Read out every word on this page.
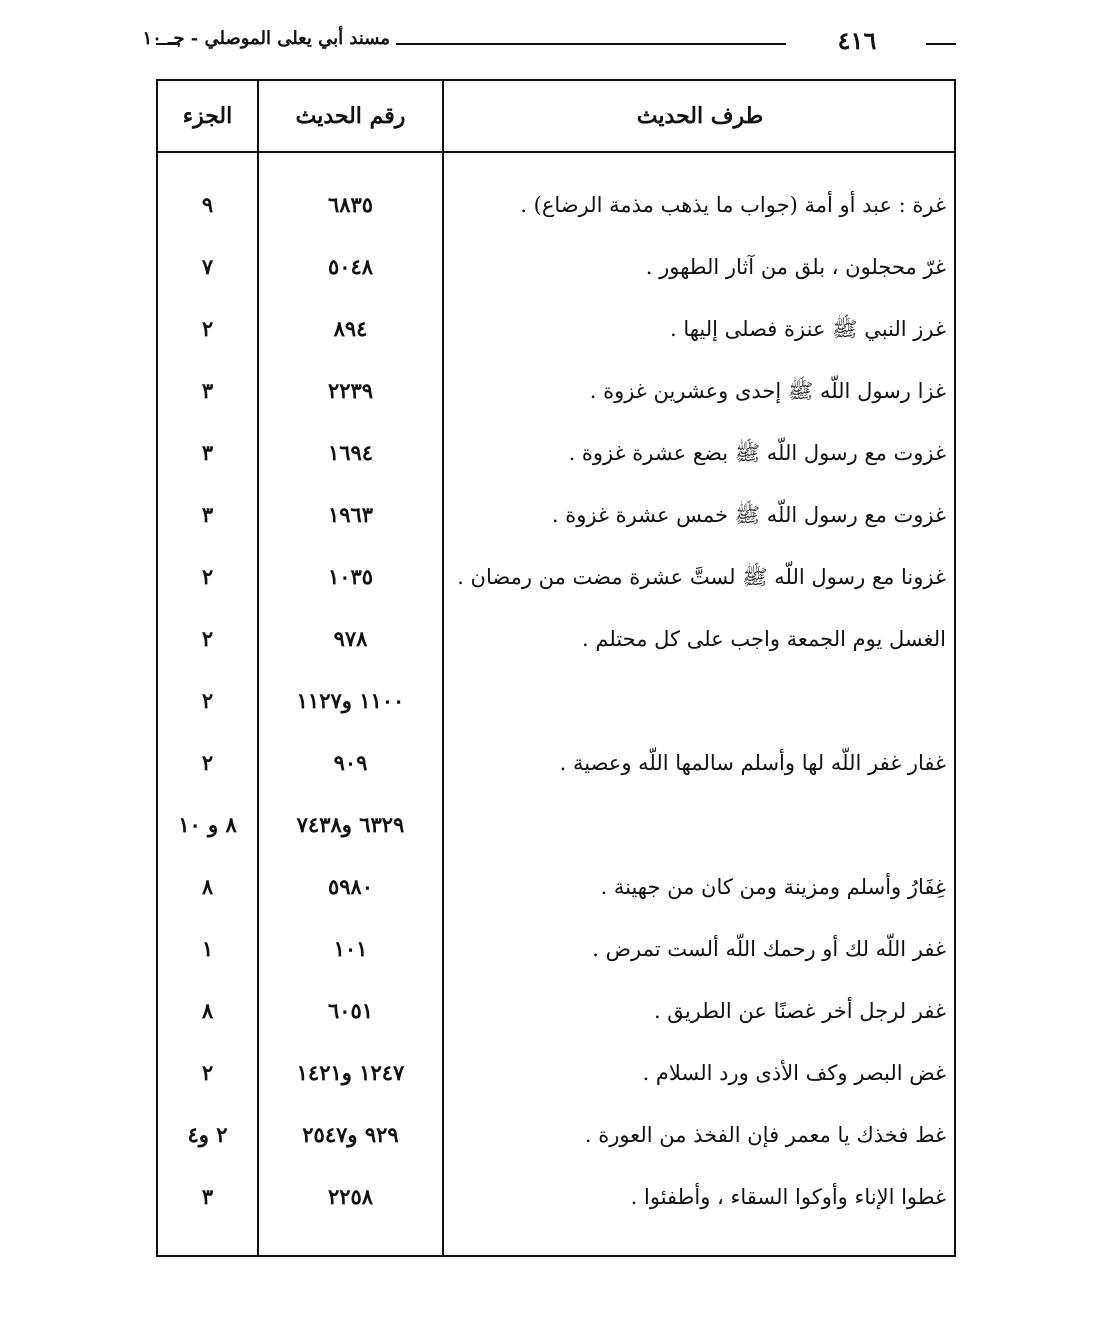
مسند أبي يعلى الموصلي - جـ ١٠	٤١٦
الجزء	رقم الحديث	طرف الحديث
٩	٦٨٣٥	غرة : عبد أو أمة (جواب ما يذهب مذمة الرضاع) .
٧	٥٠٤٨	غرّ محجلون ، بلق من آثار الطهور .
٢	٨٩٤	غرز النبي ﷺ عنزة فصلى إليها .
٣	٢٢٣٩	غزا رسول اللّه ﷺ إحدى وعشرين غزوة .
٣	١٦٩٤	غزوت مع رسول اللّه ﷺ بضع عشرة غزوة .
٣	١٩٦٣	غزوت مع رسول اللّه ﷺ خمس عشرة غزوة .
٢	١٠٣٥	غزونا مع رسول اللّه ﷺ لستَّ عشرة مضت من رمضان .
٢	٩٧٨	الغسل يوم الجمعة واجب على كل محتلم .
٢	١١٠٠ و١١٢٧
٢	٩٠٩	غفار غفر اللّه لها وأسلم سالمها اللّه وعصية .
٨ و ١٠	٦٣٢٩ و٧٤٣٨
٨	٥٩٨٠	غِفَارُ وأسلم ومزينة ومن كان من جهينة .
١	١٠١	غفر اللّه لك أو رحمك اللّه ألست تمرض .
٨	٦٠٥١	غفر لرجل أخر غصنًا عن الطريق .
٢	١٢٤٧ و١٤٢١	غض البصر وكف الأذى ورد السلام .
٢ و٤	٩٢٩ و٢٥٤٧	غط فخذك يا معمر فإن الفخذ من العورة .
٣	٢٢٥٨	غطوا الإناء وأوكوا السقاء ، وأطفئوا .
